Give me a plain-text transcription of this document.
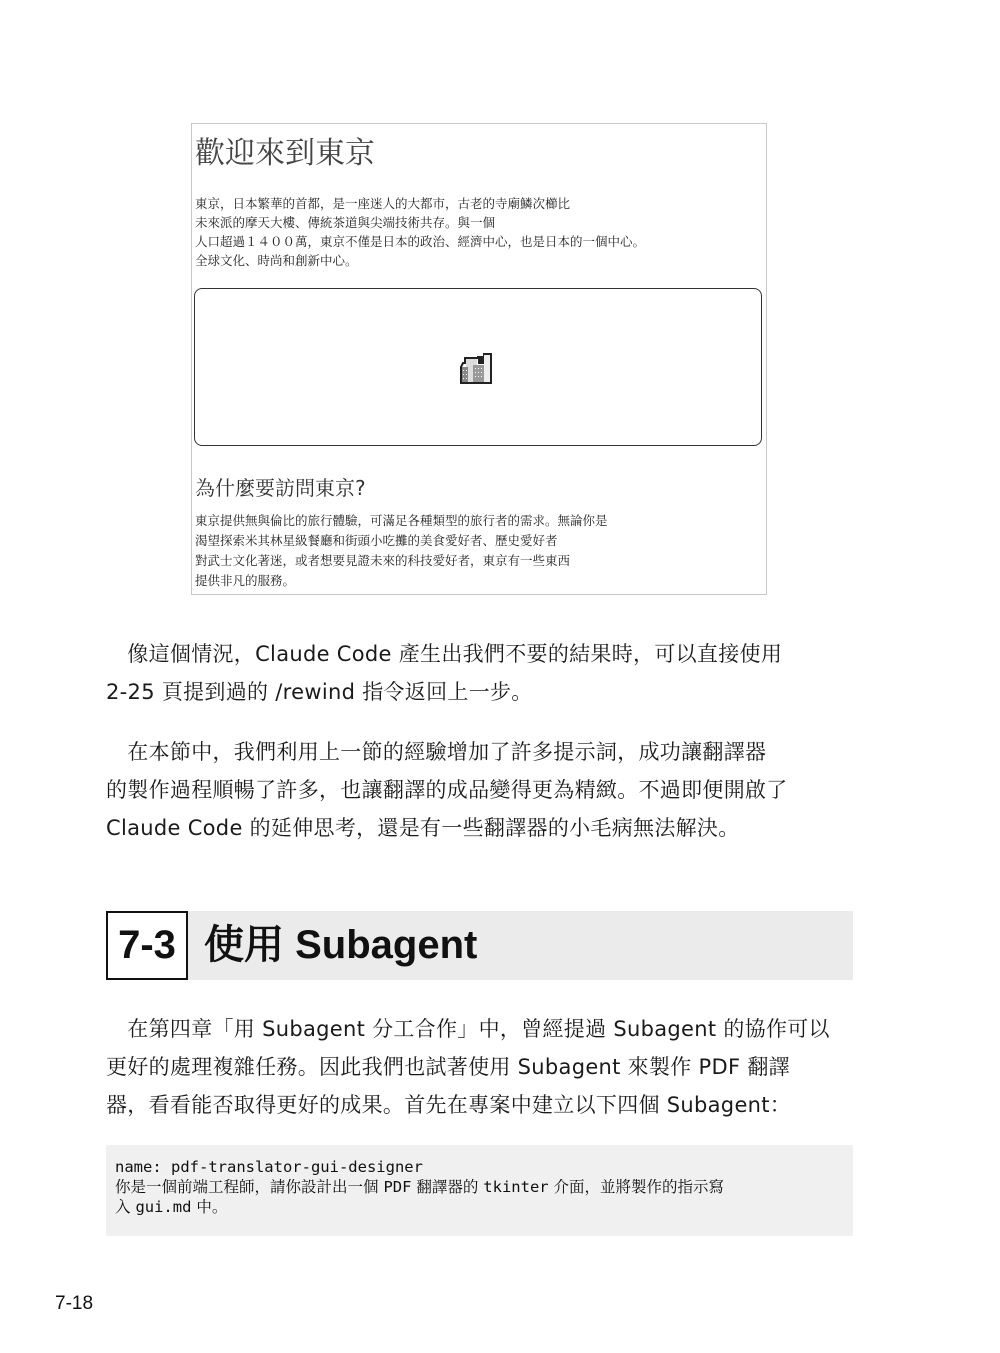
歡迎來到東京
東京，日本繁華的首都，是一座迷人的大都市，古老的寺廟鱗次櫛比
未來派的摩天大樓、傳統茶道與尖端技術共存。與一個
人口超過１４００萬，東京不僅是日本的政治、經濟中心，也是日本的一個中心。
全球文化、時尚和創新中心。
為什麼要訪問東京?
東京提供無與倫比的旅行體驗，可滿足各種類型的旅行者的需求。無論你是
渴望探索米其林星級餐廳和街頭小吃攤的美食愛好者、歷史愛好者
對武士文化著迷，或者想要見證未來的科技愛好者，東京有一些東西
提供非凡的服務。
　像這個情況，Claude Code 產生出我們不要的結果時，可以直接使用
2-25 頁提到過的 /rewind 指令返回上一步。
　在本節中，我們利用上一節的經驗增加了許多提示詞，成功讓翻譯器
的製作過程順暢了許多，也讓翻譯的成品變得更為精緻。不過即便開啟了
Claude Code 的延伸思考，還是有一些翻譯器的小毛病無法解決。
7-3 使用 Subagent
　在第四章「用 Subagent 分工合作」中，曾經提過 Subagent 的協作可以
更好的處理複雜任務。因此我們也試著使用 Subagent 來製作 PDF 翻譯
器，看看能否取得更好的成果。首先在專案中建立以下四個 Subagent：
name: pdf-translator-gui-designer
你是一個前端工程師，請你設計出一個 PDF 翻譯器的 tkinter 介面，並將製作的指示寫
入 gui.md 中。
7-18
